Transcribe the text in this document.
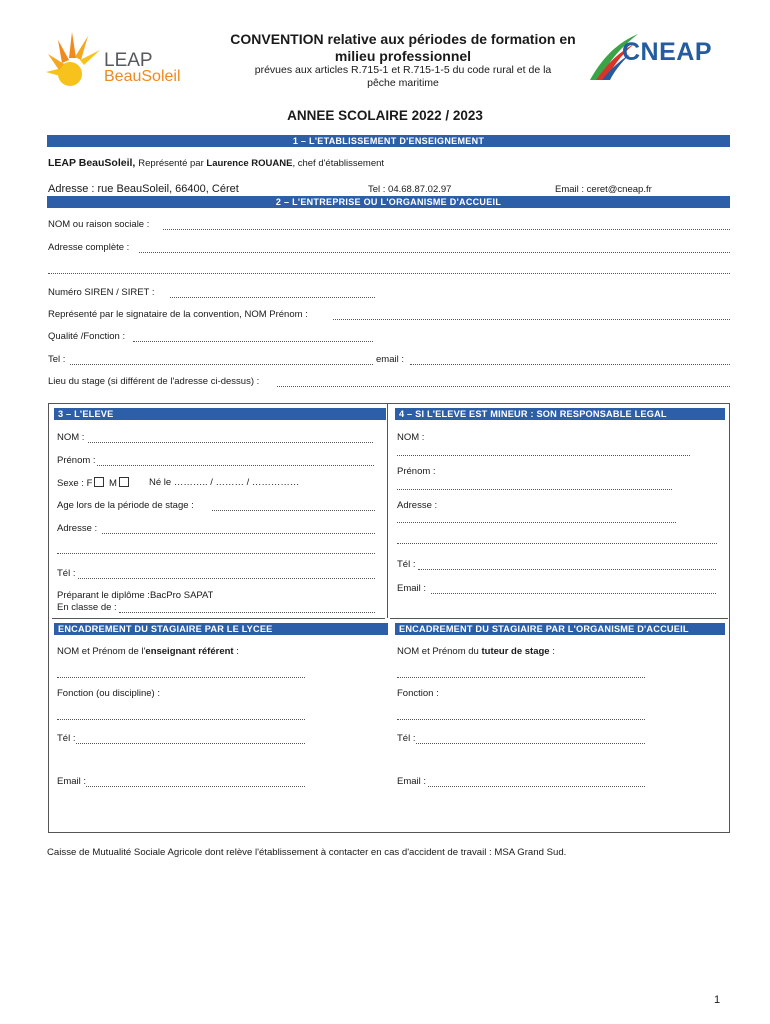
LEAP
BeauSoleil
CONVENTION relative aux périodes de formation en
milieu professionnel
prévues aux articles R.715-1 et R.715-1-5 du code rural et de la
pêche maritime
CNEAP
ANNEE SCOLAIRE 2022 / 2023
1 – L'ETABLISSEMENT D'ENSEIGNEMENT
LEAP BeauSoleil, Représenté par Laurence ROUANE, chef d'établissement
Adresse : rue BeauSoleil, 66400, Céret	Tel : 04.68.87.02.97	Email : ceret@cneap.fr
2 – L'ENTREPRISE OU L'ORGANISME D'ACCUEIL
NOM ou raison sociale :
Adresse complète :
Numéro SIREN / SIRET :
Représenté par le signataire de la convention, NOM Prénom :
Qualité /Fonction :
Tel :	email :
Lieu du stage (si différent de l'adresse ci-dessus) :
3 – L'ELEVE
NOM :
Prénom :
Sexe : F M	Né le ……….. / ……… / ……………
Age lors de la période de stage :
Adresse :
Tél :
Préparant le diplôme :BacPro SAPAT
En classe de :
4 – SI L'ELEVE EST MINEUR : SON RESPONSABLE LEGAL
NOM :
Prénom :
Adresse :
Tél :
Email :
ENCADREMENT DU STAGIAIRE PAR LE LYCEE	ENCADREMENT DU STAGIAIRE PAR L'ORGANISME D'ACCUEIL
NOM et Prénom de l'enseignant référent :
Fonction (ou discipline) :
Tél :
Email :
NOM et Prénom du tuteur de stage :
Fonction :
Tél :
Email :
Caisse de Mutualité Sociale Agricole dont relève l'établissement à contacter en cas d'accident de travail : MSA Grand Sud.
1
